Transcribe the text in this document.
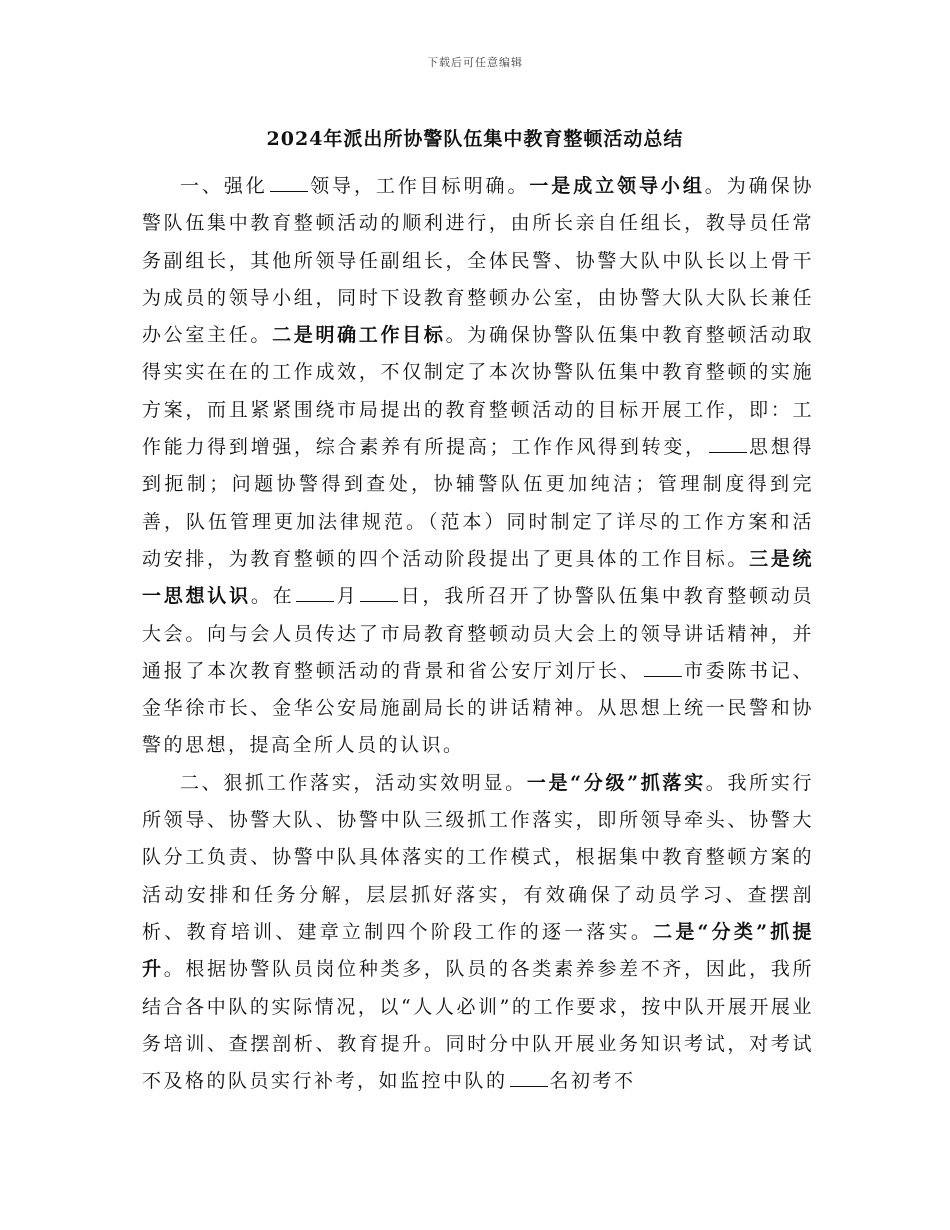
下载后可任意编辑
2024年派出所协警队伍集中教育整顿活动总结

一、强化 领导，工作目标明确。一是成立领导小组。为确保协警队伍集中教育整顿活动的顺利进行，由所长亲自任组长，教导员任常务副组长，其他所领导任副组长，全体民警、协警大队中队长以上骨干为成员的领导小组，同时下设教育整顿办公室，由协警大队大队长兼任办公室主任。二是明确工作目标。为确保协警队伍集中教育整顿活动取得实实在在的工作成效，不仅制定了本次协警队伍集中教育整顿的实施方案，而且紧紧围绕市局提出的教育整顿活动的目标开展工作，即：工作能力得到增强，综合素养有所提高；工作作风得到转变， 思想得到扼制；问题协警得到查处，协辅警队伍更加纯洁；管理制度得到完善，队伍管理更加法律规范。（范本）同时制定了详尽的工作方案和活动安排，为教育整顿的四个活动阶段提出了更具体的工作目标。三是统一思想认识。在 月 日，我所召开了协警队伍集中教育整顿动员大会。向与会人员传达了市局教育整顿动员大会上的领导讲话精神，并通报了本次教育整顿活动的背景和省公安厅刘厅长、 市委陈书记、金华徐市长、金华公安局施副局长的讲话精神。从思想上统一民警和协警的思想，提高全所人员的认识。

二、狠抓工作落实，活动实效明显。一是“分级”抓落实。我所实行所领导、协警大队、协警中队三级抓工作落实，即所领导牵头、协警大队分工负责、协警中队具体落实的工作模式，根据集中教育整顿方案的活动安排和任务分解，层层抓好落实，有效确保了动员学习、查摆剖析、教育培训、建章立制四个阶段工作的逐一落实。二是“分类”抓提升。根据协警队员岗位种类多，队员的各类素养参差不齐，因此，我所结合各中队的实际情况，以“人人必训”的工作要求，按中队开展开展业务培训、查摆剖析、教育提升。同时分中队开展业务知识考试，对考试不及格的队员实行补考，如监控中队的 名初考不
